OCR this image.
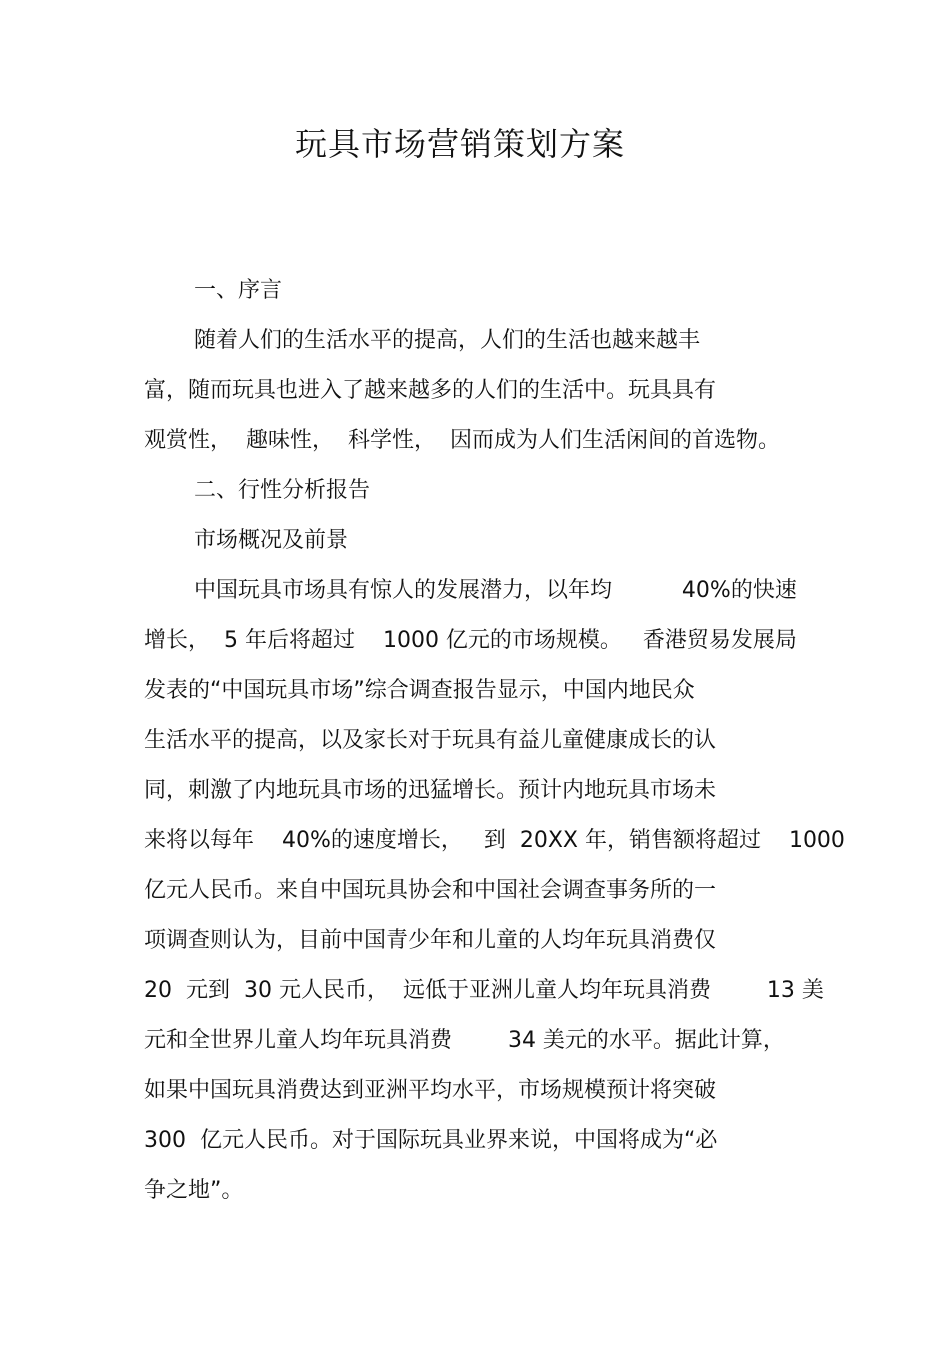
玩具市场营销策划方案
一、序言
随着人们的生活水平的提高，人们的生活也越来越丰
富，随而玩具也进入了越来越多的人们的生活中。玩具具有
观赏性，  趣味性，  科学性，  因而成为人们生活闲间的首选物。
二、行性分析报告
市场概况及前景
中国玩具市场具有惊人的发展潜力，以年均          40%的快速
增长，  5 年后将超过    1000 亿元的市场规模。   香港贸易发展局
发表的“中国玩具市场”综合调查报告显示，中国内地民众
生活水平的提高，以及家长对于玩具有益儿童健康成长的认
同，刺激了内地玩具市场的迅猛增长。预计内地玩具市场未
来将以每年    40%的速度增长，   到  20XX 年，销售额将超过    1000
亿元人民币。来自中国玩具协会和中国社会调查事务所的一
项调查则认为，目前中国青少年和儿童的人均年玩具消费仅
20  元到  30 元人民币，  远低于亚洲儿童人均年玩具消费        13 美
元和全世界儿童人均年玩具消费        34 美元的水平。据此计算，
如果中国玩具消费达到亚洲平均水平，市场规模预计将突破
300  亿元人民币。对于国际玩具业界来说，中国将成为“必
争之地”。
